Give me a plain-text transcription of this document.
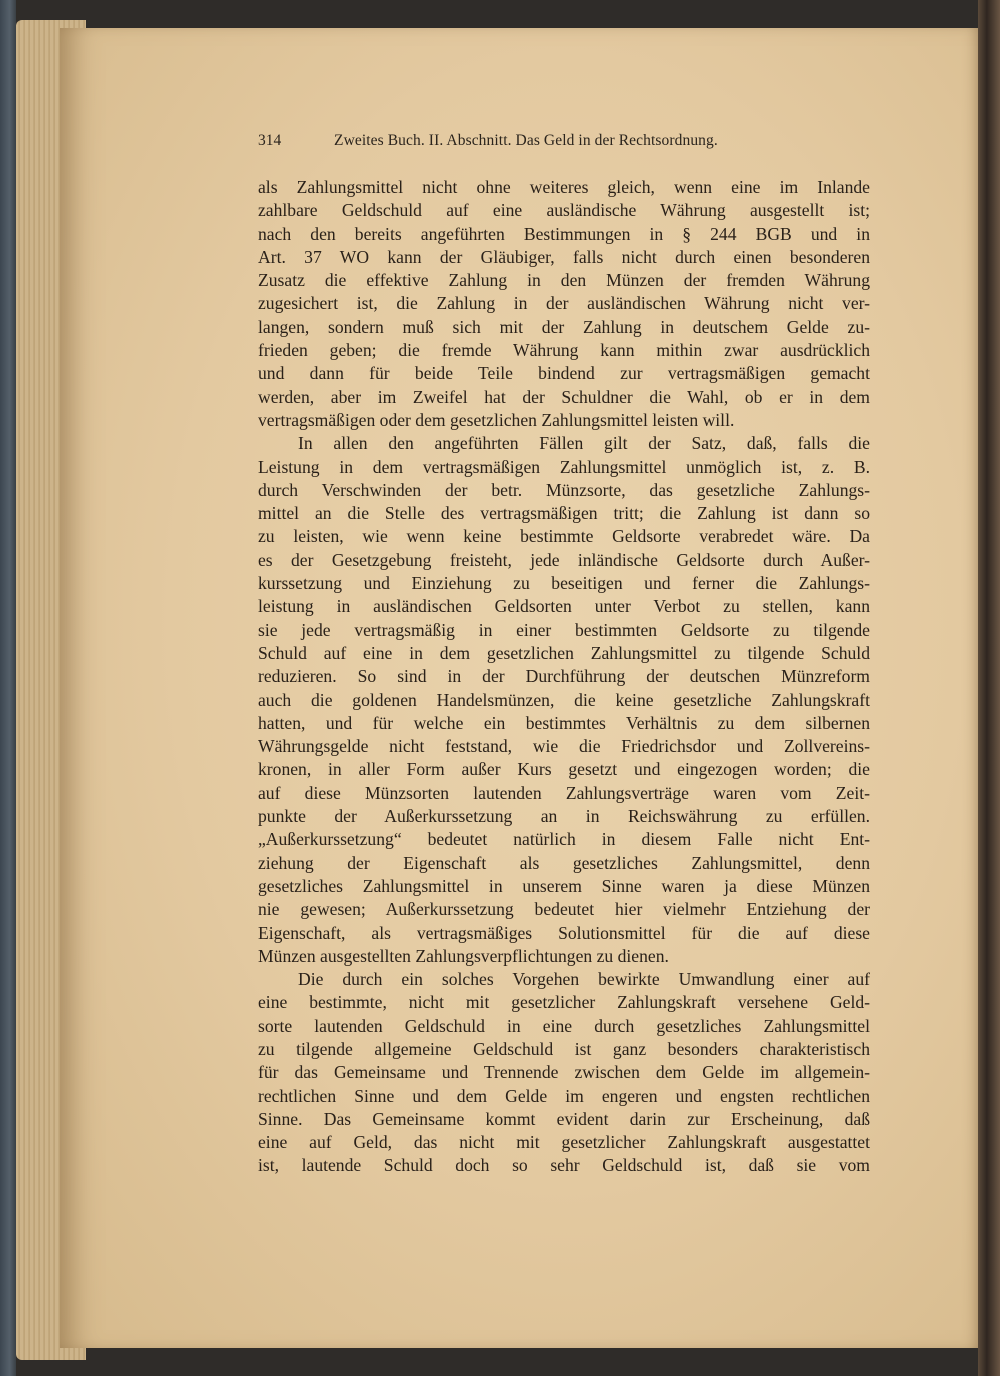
314	Zweites Buch. II. Abschnitt. Das Geld in der Rechtsordnung.
als Zahlungsmittel nicht ohne weiteres gleich, wenn eine im Inlande
zahlbare Geldschuld auf eine ausländische Währung ausgestellt ist;
nach den bereits angeführten Bestimmungen in § 244 BGB und in
Art. 37 WO kann der Gläubiger, falls nicht durch einen besonderen
Zusatz die effektive Zahlung in den Münzen der fremden Währung
zugesichert ist, die Zahlung in der ausländischen Währung nicht ver-
langen, sondern muß sich mit der Zahlung in deutschem Gelde zu-
frieden geben; die fremde Währung kann mithin zwar ausdrücklich
und dann für beide Teile bindend zur vertragsmäßigen gemacht
werden, aber im Zweifel hat der Schuldner die Wahl, ob er in dem
vertragsmäßigen oder dem gesetzlichen Zahlungsmittel leisten will.
In allen den angeführten Fällen gilt der Satz, daß, falls die
Leistung in dem vertragsmäßigen Zahlungsmittel unmöglich ist, z. B.
durch Verschwinden der betr. Münzsorte, das gesetzliche Zahlungs-
mittel an die Stelle des vertragsmäßigen tritt; die Zahlung ist dann so
zu leisten, wie wenn keine bestimmte Geldsorte verabredet wäre. Da
es der Gesetzgebung freisteht, jede inländische Geldsorte durch Außer-
kurssetzung und Einziehung zu beseitigen und ferner die Zahlungs-
leistung in ausländischen Geldsorten unter Verbot zu stellen, kann
sie jede vertragsmäßig in einer bestimmten Geldsorte zu tilgende
Schuld auf eine in dem gesetzlichen Zahlungsmittel zu tilgende Schuld
reduzieren. So sind in der Durchführung der deutschen Münzreform
auch die goldenen Handelsmünzen, die keine gesetzliche Zahlungskraft
hatten, und für welche ein bestimmtes Verhältnis zu dem silbernen
Währungsgelde nicht feststand, wie die Friedrichsdor und Zollvereins-
kronen, in aller Form außer Kurs gesetzt und eingezogen worden; die
auf diese Münzsorten lautenden Zahlungsverträge waren vom Zeit-
punkte der Außerkurssetzung an in Reichswährung zu erfüllen.
„Außerkurssetzung“ bedeutet natürlich in diesem Falle nicht Ent-
ziehung der Eigenschaft als gesetzliches Zahlungsmittel, denn
gesetzliches Zahlungsmittel in unserem Sinne waren ja diese Münzen
nie gewesen; Außerkurssetzung bedeutet hier vielmehr Entziehung der
Eigenschaft, als vertragsmäßiges Solutionsmittel für die auf diese
Münzen ausgestellten Zahlungsverpflichtungen zu dienen.
Die durch ein solches Vorgehen bewirkte Umwandlung einer auf
eine bestimmte, nicht mit gesetzlicher Zahlungskraft versehene Geld-
sorte lautenden Geldschuld in eine durch gesetzliches Zahlungsmittel
zu tilgende allgemeine Geldschuld ist ganz besonders charakteristisch
für das Gemeinsame und Trennende zwischen dem Gelde im allgemein-
rechtlichen Sinne und dem Gelde im engeren und engsten rechtlichen
Sinne. Das Gemeinsame kommt evident darin zur Erscheinung, daß
eine auf Geld, das nicht mit gesetzlicher Zahlungskraft ausgestattet
ist, lautende Schuld doch so sehr Geldschuld ist, daß sie vom
